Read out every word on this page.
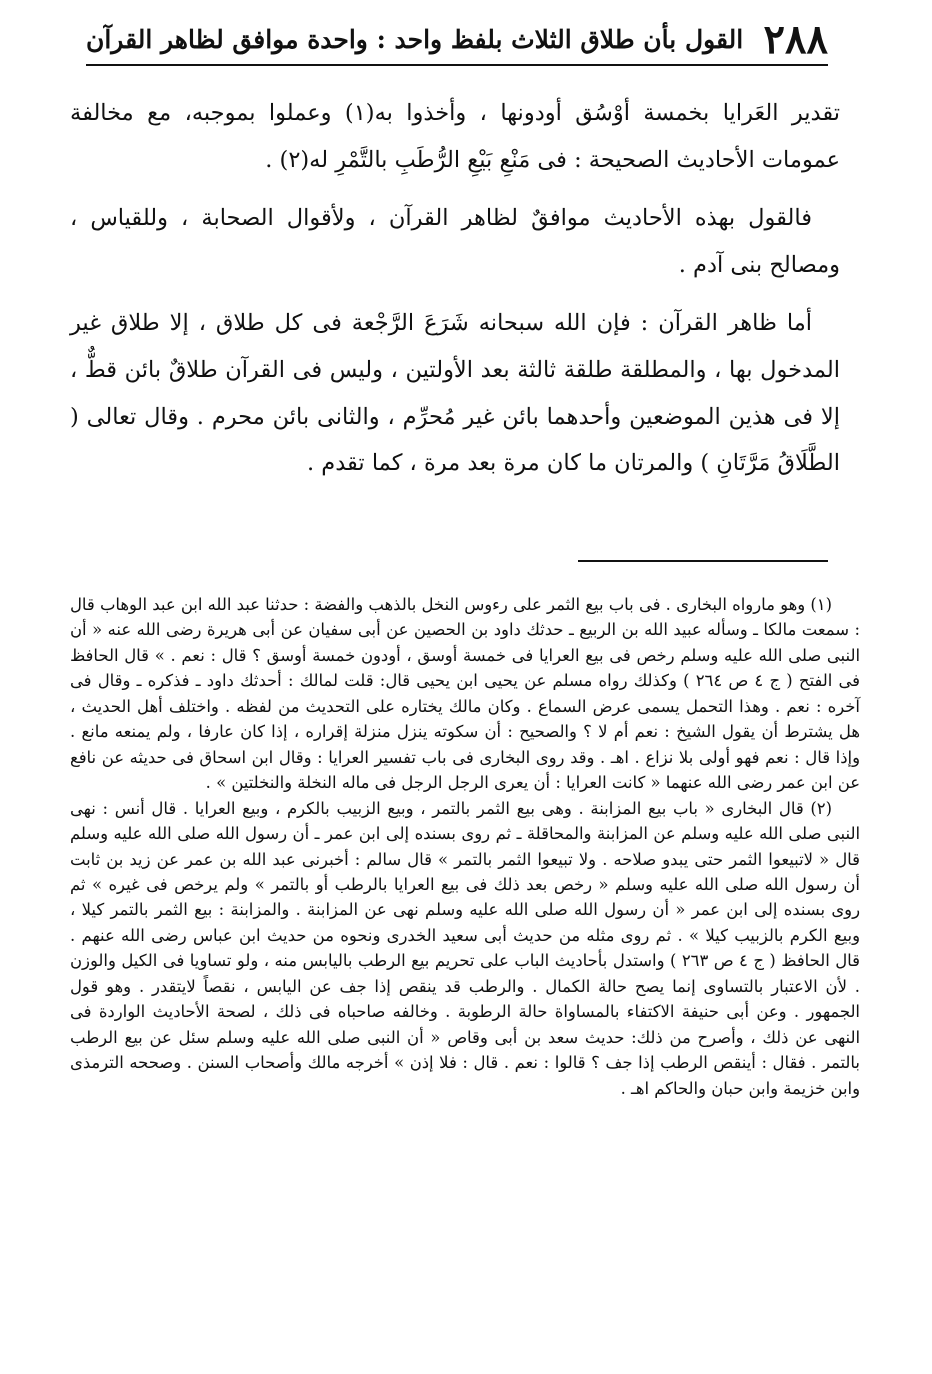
٢٨٨
القول بأن طلاق الثلاث بلفظ واحد : واحدة موافق لظاهر القرآن

تقدير العَرايا بخمسة أوْسُق أودونها ، وأخذوا به(١) وعملوا بموجبه، مع مخالفة عمومات الأحاديث الصحيحة : فى مَنْعِ بَيْعِ الرُّطَبِ بالتَّمْرِ له(٢) .

فالقول بهذه الأحاديث موافقٌ لظاهر القرآن ، ولأقوال الصحابة ، وللقياس ، ومصالح بنى آدم .

أما ظاهر القرآن : فإن الله سبحانه شَرَعَ الرَّجْعة فى كل طلاق ، إلا طلاق غير المدخول بها ، والمطلقة طلقة ثالثة بعد الأولتين ، وليس فى القرآن طلاقٌ بائن قطٌّ ، إلا فى هذين الموضعين وأحدهما بائن غير مُحرِّم ، والثانى بائن محرم . وقال تعالى ( الطَّلَاقُ مَرَّتَانِ ) والمرتان ما كان مرة بعد مرة ، كما تقدم .

(١) وهو ماروا‌ه البخارى . فى باب بيع الثمر على رءوس النخل بالذهب والفضة : حدثنا عبد الله ابن عبد الوهاب قال : سمعت مالكا ـ وسأله عبيد الله بن الربيع ـ حدثك داود بن الحصين عن أبى سفيان عن أبى هريرة رضى الله عنه « أن النبى صلى الله عليه وسلم رخص فى بيع العرايا فى خمسة أوسق ، أودون خمسة أوسق ؟ قال : نعم . » قال الحافظ فى الفتح ( ج ٤ ص ٢٦٤ ) وكذلك رواه مسلم عن يحيى ابن يحيى قال: قلت لمالك : أحدثك داود ـ فذكره ـ وقال فى آخره : نعم . وهذا التحمل يسمى عرض السماع . وكان مالك يختاره على التحديث من لفظه . واختلف أهل الحديث ، هل يشترط أن يقول الشيخ : نعم أم لا ؟ والصحيح : أن سكوته ينزل منزلة إقراره ، إذا كان عارفا ، ولم يمنعه مانع . وإذا قال : نعم فهو أولى بلا نزاع . اهـ . وقد روى البخارى فى باب تفسير العرايا : وقال ابن اسحاق فى حديثه عن نافع عن ابن عمر رضى الله عنهما « كانت العرايا : أن يعرى الرجل الرجل فى ماله النخلة والنخلتين » .

(٢) قال البخارى « باب بيع المزابنة . وهى بيع الثمر بالتمر ، وبيع الزبيب بالكرم ، وبيع العرايا . قال أنس : نهى النبى صلى الله عليه وسلم عن المزابنة والمحاقلة ـ ثم روى بسنده إلى ابن عمر ـ أن رسول الله صلى الله عليه وسلم قال « لاتبيعوا الثمر حتى يبدو صلاحه . ولا تبيعوا الثمر بالتمر » قال سالم : أخبرنى عبد الله بن عمر عن زيد بن ثابت أن رسول الله صلى الله عليه وسلم « رخص بعد ذلك فى بيع العرايا بالرطب أو بالتمر » ولم يرخص فى غيره » ثم روى بسنده إلى ابن عمر « أن رسول الله صلى الله عليه وسلم نهى عن المزابنة . والمزابنة : بيع الثمر بالتمر كيلا ، وبيع الكرم بالزبيب كيلا » . ثم روى مثله من حديث أبى سعيد الخدرى ونحوه من حديث ابن عباس رضى الله عنهم . قال الحافظ ( ج ٤ ص ٢٦٣ ) واستدل بأحاديث الباب على تحريم بيع الرطب باليابس منه ، ولو تساويا فى الكيل والوزن . لأن الاعتبار بالتساوى إنما يصح حالة الكمال . والرطب قد ينقص إذا جف عن اليابس ، نقصاً لايتقدر . وهو قول الجمهور . وعن أبى حنيفة الاكتفاء بالمساواة حالة الرطوبة . وخالفه صاحباه فى ذلك ، لصحة الأحاديث الواردة فى النهى عن ذلك ، وأصرح من ذلك: حديث سعد بن أبى وقاص « أن النبى صلى الله عليه وسلم سئل عن بيع الرطب بالتمر . فقال : أينقص الرطب إذا جف ؟ قالوا : نعم . قال : فلا إذن » أخرجه مالك وأصحاب السنن . وصححه الترمذى وابن خزيمة وابن حبان والحاكم اهـ .
